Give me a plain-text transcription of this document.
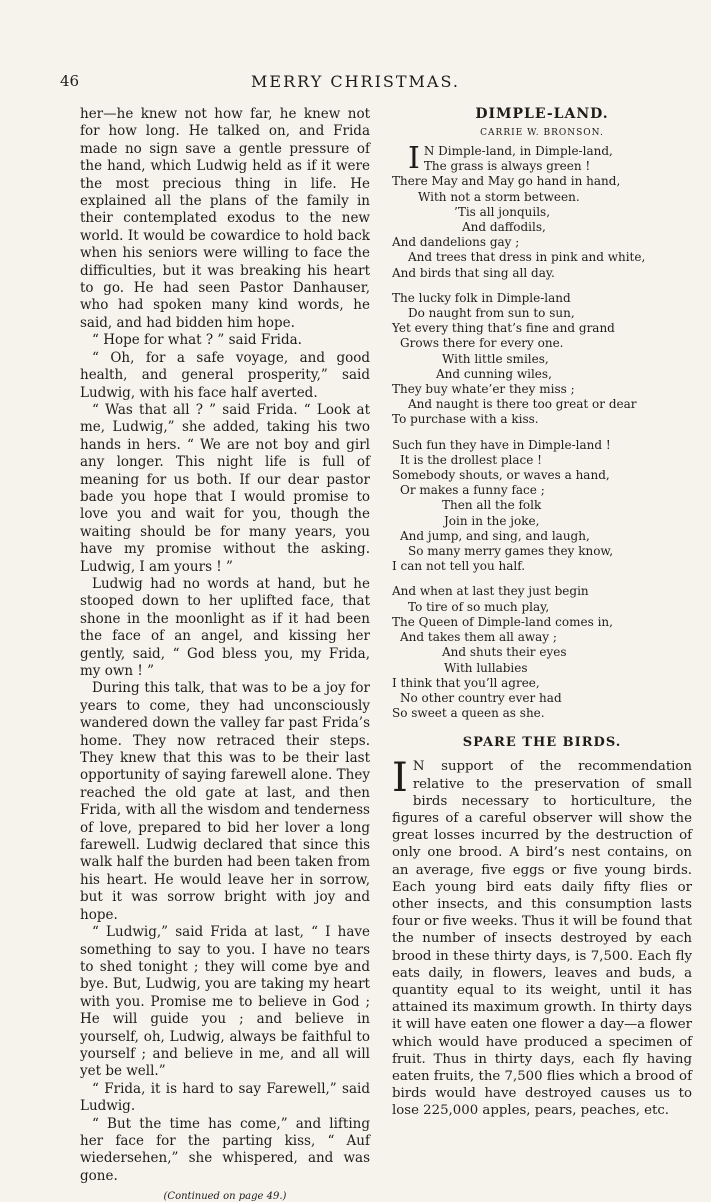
46	MERRY CHRISTMAS.

her—he knew not how far, he knew not for how long. He talked on, and Frida made no sign save a gentle pressure of the hand, which Ludwig held as if it were the most precious thing in life. He explained all the plans of the family in their contemplated exodus to the new world. It would be cowardice to hold back when his seniors were willing to face the difficulties, but it was breaking his heart to go. He had seen Pastor Danhauser, who had spoken many kind words, he said, and had bidden him hope.

“ Hope for what ? ” said Frida.

“ Oh, for a safe voyage, and good health, and general prosperity,” said Ludwig, with his face half averted.

“ Was that all ? ” said Frida. “ Look at me, Ludwig,” she added, taking his two hands in hers. “ We are not boy and girl any longer. This night life is full of meaning for us both. If our dear pastor bade you hope that I would promise to love you and wait for you, though the waiting should be for many years, you have my promise without the asking. Ludwig, I am yours ! ”

Ludwig had no words at hand, but he stooped down to her uplifted face, that shone in the moonlight as if it had been the face of an angel, and kissing her gently, said, “ God bless you, my Frida, my own ! ”

During this talk, that was to be a joy for years to come, they had unconsciously wandered down the valley far past Frida’s home. They now retraced their steps. They knew that this was to be their last opportunity of saying farewell alone. They reached the old gate at last, and then Frida, with all the wisdom and tenderness of love, prepared to bid her lover a long farewell. Ludwig declared that since this walk half the burden had been taken from his heart. He would leave her in sorrow, but it was sorrow bright with joy and hope.

“ Ludwig,” said Frida at last, “ I have something to say to you. I have no tears to shed tonight ; they will come bye and bye. But, Ludwig, you are taking my heart with you. Promise me to believe in God ; He will guide you ; and believe in yourself, oh, Ludwig, always be faithful to yourself ; and believe in me, and all will yet be well.”

“ Frida, it is hard to say Farewell,” said Ludwig.

“ But the time has come,” and lifting her face for the parting kiss, “ Auf wiedersehen,” she whispered, and was gone.

(Continued on page 49.)
DIMPLE-LAND.
CARRIE W. BRONSON.
I N Dimple-land, in Dimple-land,
The grass is always green !
There May and May go hand in hand,
With not a storm between.
’Tis all jonquils,
And daffodils,
And dandelions gay ;
And trees that dress in pink and white,
And birds that sing all day.
The lucky folk in Dimple-land
Do naught from sun to sun,
Yet every thing that’s fine and grand
Grows there for every one.
With little smiles,
And cunning wiles,
They buy whate’er they miss ;
And naught is there too great or dear
To purchase with a kiss.
Such fun they have in Dimple-land !
It is the drollest place !
Somebody shouts, or waves a hand,
Or makes a funny face ;
Then all the folk
Join in the joke,
And jump, and sing, and laugh,
So many merry games they know,
I can not tell you half.
And when at last they just begin
To tire of so much play,
The Queen of Dimple-land comes in,
And takes them all away ;
And shuts their eyes
With lullabies
I think that you’ll agree,
No other country ever had
So sweet a queen as she.
SPARE THE BIRDS.

I N support of the recommendation relative to the preservation of small birds necessary to horticulture, the figures of a careful observer will show the great losses incurred by the destruction of only one brood. A bird’s nest contains, on an average, five eggs or five young birds. Each young bird eats daily fifty flies or other insects, and this consumption lasts four or five weeks. Thus it will be found that the number of insects destroyed by each brood in these thirty days, is 7,500. Each fly eats daily, in flowers, leaves and buds, a quantity equal to its weight, until it has attained its maximum growth. In thirty days it will have eaten one flower a day—a flower which would have produced a specimen of fruit. Thus in thirty days, each fly having eaten fruits, the 7,500 flies which a brood of birds would have destroyed causes us to lose 225,000 apples, pears, peaches, etc.
